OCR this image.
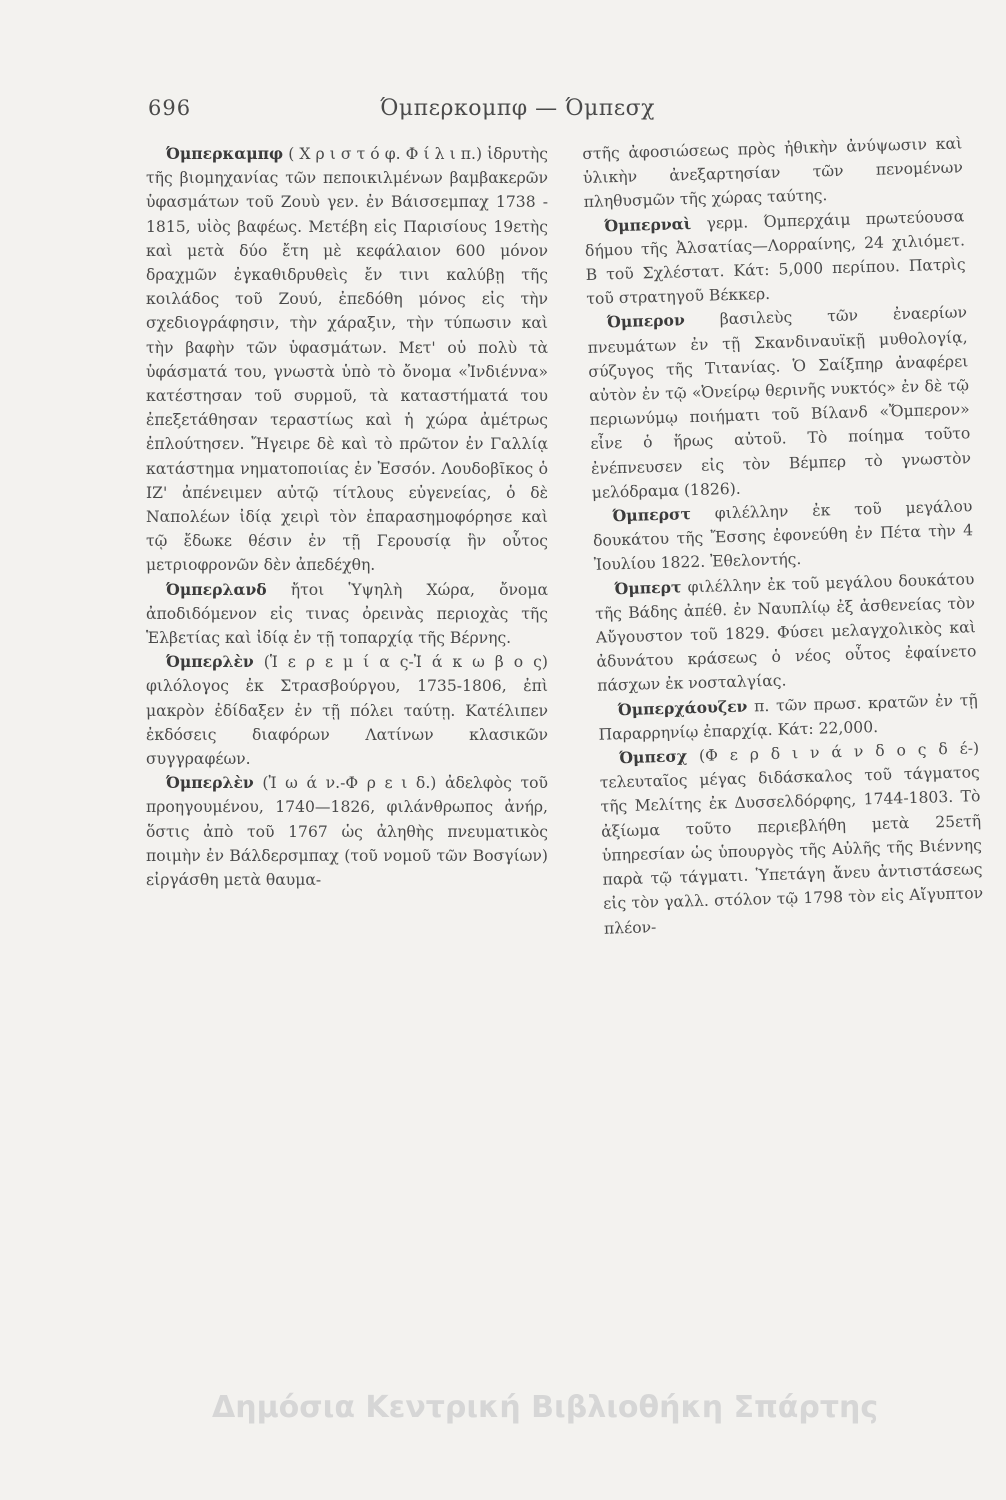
696	Όμπερκομπφ — Όμπεσχ

Όμπερκαμπφ ( Χ ρ ι σ τ ό φ. Φ ί λ ι π.) ἱδρυτὴς τῆς βιομηχανίας τῶν πεποικιλμένων βαμβακερῶν ὑφασμάτων τοῦ Ζουὺ γεν. ἐν Βάισσεμπαχ 1738 - 1815, υἱὸς βαφέως. Μετέβη εἰς Παρισίους 19ετὴς καὶ μετὰ δύο ἔτη μὲ κεφάλαιον 600 μόνον δραχμῶν ἐγκαθιδρυθεὶς ἔν τινι καλύβῃ τῆς κοιλάδος τοῦ Ζουύ, ἐπεδόθη μόνος εἰς τὴν σχεδιογράφησιν, τὴν χάραξιν, τὴν τύπωσιν καὶ τὴν βαφὴν τῶν ὑφασμάτων. Μετ' οὐ πολὺ τὰ ὑφάσματά του, γνωστὰ ὑπὸ τὸ ὄνομα «Ἰνδιέννα» κατέστησαν τοῦ συρμοῦ, τὰ καταστήματά του ἐπεξετάθησαν τεραστίως καὶ ἡ χώρα ἀμέτρως ἐπλούτησεν. Ἤγειρε δὲ καὶ τὸ πρῶτον ἐν Γαλλίᾳ κατάστημα νηματοποιίας ἐν Ἐσσόν. Λουδοβῖκος ὁ ΙΖ' ἀπένειμεν αὐτῷ τίτλους εὐγενείας, ὁ δὲ Ναπολέων ἰδίᾳ χειρὶ τὸν ἐπαρασημοφόρησε καὶ τῷ ἔδωκε θέσιν ἐν τῇ Γερουσίᾳ ἣν οὗτος μετριοφρονῶν δὲν ἀπεδέχθη.

Όμπερλανδ ἤτοι Ὑψηλὴ Χώρα, ὄνομα ἀποδιδόμενον εἰς τινας ὀρεινὰς περιοχὰς τῆς Ἑλβετίας καὶ ἰδίᾳ ἐν τῇ τοπαρχίᾳ τῆς Βέρνης.

Όμπερλὲν (Ἱ ε ρ ε μ ί α ς-Ἰ ά κ ω β ο ς) φιλόλογος ἐκ Στρασβούργου, 1735-1806, ἐπὶ μακρὸν ἐδίδαξεν ἐν τῇ πόλει ταύτῃ. Κατέλιπεν ἐκδόσεις διαφόρων Λατίνων κλασικῶν συγγραφέων.

Όμπερλὲν (Ἰ ω ά ν.-Φ ρ ε ι δ.) ἀδελφὸς τοῦ προηγουμένου, 1740—1826, φιλάνθρωπος ἀνήρ, ὅστις ἀπὸ τοῦ 1767 ὡς ἀληθὴς πνευματικὸς ποιμὴν ἐν Βάλδερσμπαχ (τοῦ νομοῦ τῶν Βοσγίων) εἰργάσθη μετὰ θαυμα-

στῆς ἀφοσιώσεως πρὸς ἠθικὴν ἀνύψωσιν καὶ ὑλικὴν ἀνεξαρτησίαν τῶν πενομένων πληθυσμῶν τῆς χώρας ταύτης.

Όμπερναὶ γερμ. Όμπερχάιμ πρωτεύουσα δήμου τῆς Ἀλσατίας—Λορραίνης, 24 χιλιόμετ. Β τοῦ Σχλέστατ. Κάτ: 5,000 περίπου. Πατρὶς τοῦ στρατηγοῦ Βέκκερ.

Όμπερον βασιλεὺς τῶν ἐναερίων πνευμάτων ἐν τῇ Σκανδιναυϊκῇ μυθολογίᾳ, σύζυγος τῆς Τιτανίας. Ὁ Σαίξπηρ ἀναφέρει αὐτὸν ἐν τῷ «Ὀνείρῳ θερινῆς νυκτός» ἐν δὲ τῷ περιωνύμῳ ποιήματι τοῦ Βίλανδ «Ὄμπερον» εἶνε ὁ ἥρως αὐτοῦ. Τὸ ποίημα τοῦτο ἐνέπνευσεν εἰς τὸν Βέμπερ τὸ γνωστὸν μελόδραμα (1826).

Όμπερστ φιλέλλην ἐκ τοῦ μεγάλου δουκάτου τῆς Ἔσσης ἐφονεύθη ἐν Πέτα τὴν 4 Ἰουλίου 1822. Ἐθελοντής.

Όμπερτ φιλέλλην ἐκ τοῦ μεγάλου δουκάτου τῆς Βάδης ἀπέθ. ἐν Ναυπλίῳ ἐξ ἀσθενείας τὸν Αὔγουστον τοῦ 1829. Φύσει μελαγχολικὸς καὶ ἀδυνάτου κράσεως ὁ νέος οὗτος ἐφαίνετο πάσχων ἐκ νοσταλγίας.

Όμπερχάουζεν π. τῶν πρωσ. κρατῶν ἐν τῇ Παραρρηνίῳ ἐπαρχίᾳ. Κάτ: 22,000.

Όμπεσχ (Φ ε ρ δ ι ν ά ν δ ο ς δ έ-) τελευταῖος μέγας διδάσκαλος τοῦ τάγματος τῆς Μελίτης ἐκ Δυσσελδόρφης, 1744-1803. Τὸ ἀξίωμα τοῦτο περιεβλήθη μετὰ 25ετῆ ὑπηρεσίαν ὡς ὑπουργὸς τῆς Αὐλῆς τῆς Βιέννης παρὰ τῷ τάγματι. Ὑπετάγη ἄνευ ἀντιστάσεως εἰς τὸν γαλλ. στόλον τῷ 1798 τὸν εἰς Αἴγυπτον πλέον-

Δημόσια Κεντρική Βιβλιοθήκη Σπάρτης
